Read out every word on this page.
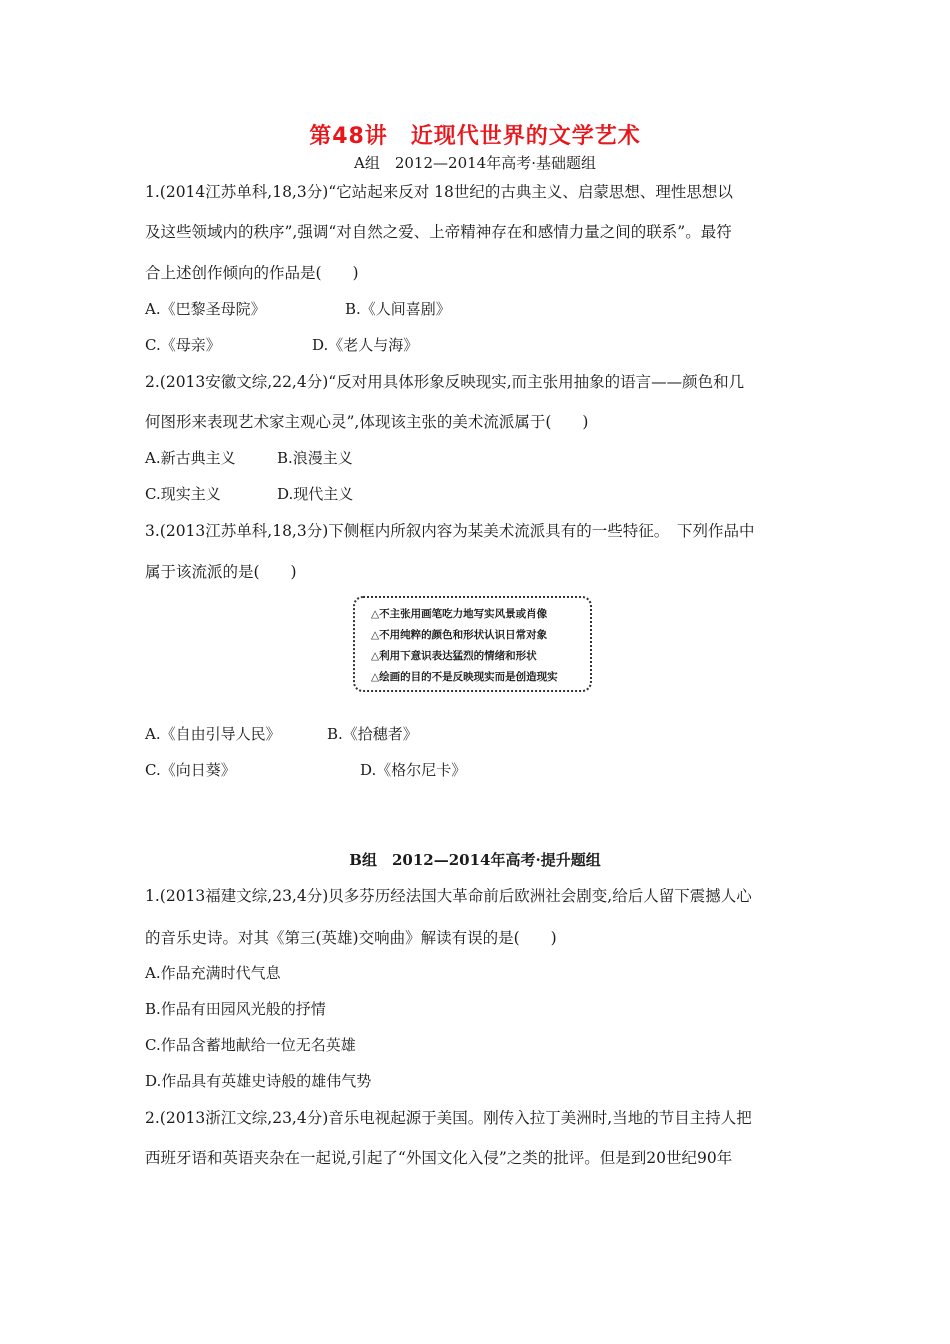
第48讲　近现代世界的文学艺术
A组　2012—2014年高考·基础题组
1.(2014江苏单科,18,3分)“它站起来反对 18世纪的古典主义、启蒙思想、理性思想以
及这些领域内的秩序”,强调“对自然之爱、上帝精神存在和感情力量之间的联系”。最符
合上述创作倾向的作品是(　　)
A.《巴黎圣母院》	B.《人间喜剧》
C.《母亲》	D.《老人与海》
2.(2013安徽文综,22,4分)“反对用具体形象反映现实,而主张用抽象的语言——颜色和几
何图形来表现艺术家主观心灵”,体现该主张的美术流派属于(　　)
A.新古典主义	B.浪漫主义
C.现实主义	D.现代主义
3.(2013江苏单科,18,3分)下侧框内所叙内容为某美术流派具有的一些特征。　下列作品中
属于该流派的是(　　)
△不主张用画笔吃力地写实风景或肖像
△不用纯粹的颜色和形状认识日常对象
△利用下意识表达猛烈的情绪和形状
△绘画的目的不是反映现实而是创造现实
A.《自由引导人民》	B.《拾穗者》
C.《向日葵》	D.《格尔尼卡》
B组　2012—2014年高考·提升题组
1.(2013福建文综,23,4分)贝多芬历经法国大革命前后欧洲社会剧变,给后人留下震撼人心
的音乐史诗。对其《第三(英雄)交响曲》解读有误的是(　　)
A.作品充满时代气息
B.作品有田园风光般的抒情
C.作品含蓄地献给一位无名英雄
D.作品具有英雄史诗般的雄伟气势
2.(2013浙江文综,23,4分)音乐电视起源于美国。刚传入拉丁美洲时,当地的节目主持人把
西班牙语和英语夹杂在一起说,引起了“外国文化入侵”之类的批评。但是到20世纪90年
